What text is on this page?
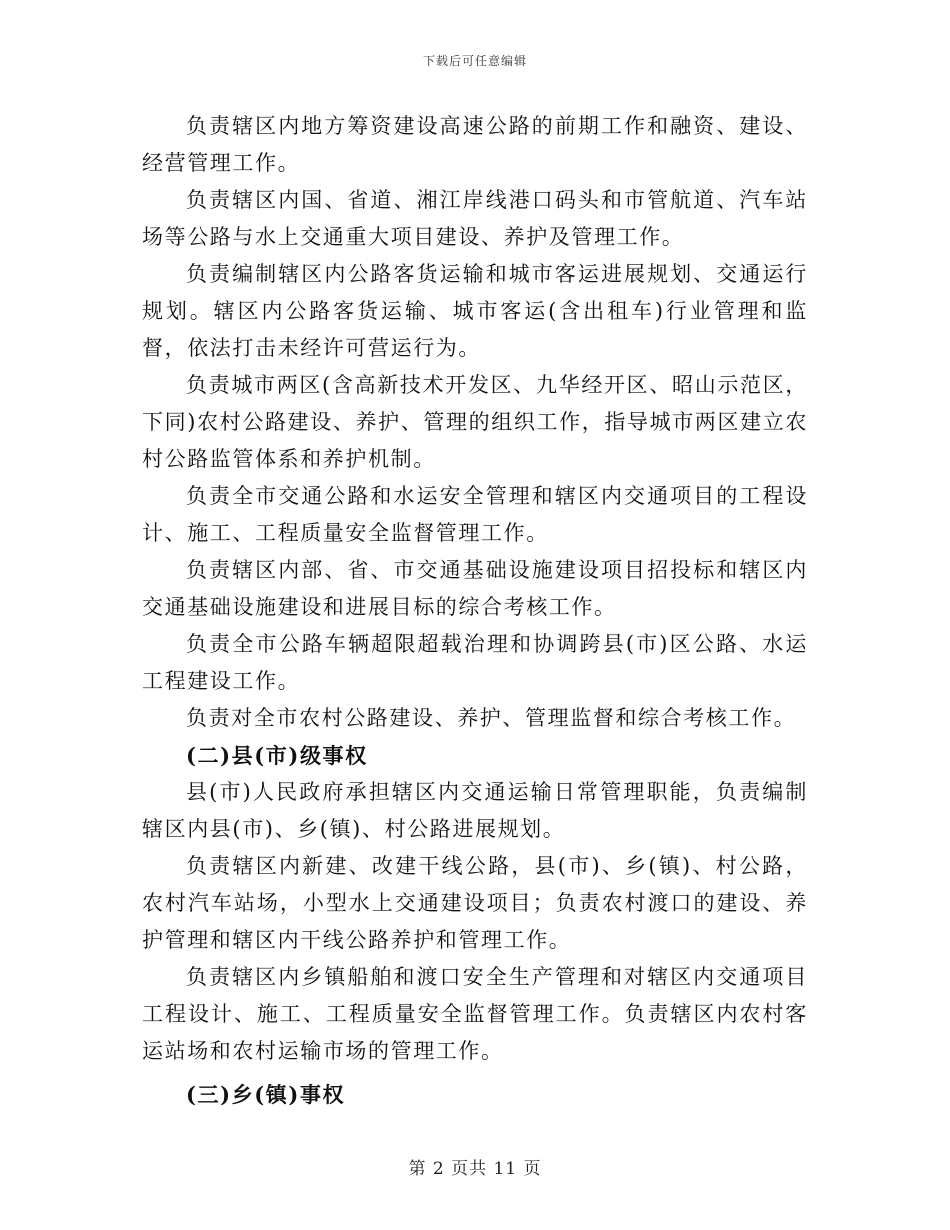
下载后可任意编辑

负责辖区内地方筹资建设高速公路的前期工作和融资、建设、经营管理工作。

负责辖区内国、省道、湘江岸线港口码头和市管航道、汽车站场等公路与水上交通重大项目建设、养护及管理工作。

负责编制辖区内公路客货运输和城市客运进展规划、交通运行规划。辖区内公路客货运输、城市客运(含出租车)行业管理和监督，依法打击未经许可营运行为。

负责城市两区(含高新技术开发区、九华经开区、昭山示范区，下同)农村公路建设、养护、管理的组织工作，指导城市两区建立农村公路监管体系和养护机制。

负责全市交通公路和水运安全管理和辖区内交通项目的工程设计、施工、工程质量安全监督管理工作。

负责辖区内部、省、市交通基础设施建设项目招投标和辖区内交通基础设施建设和进展目标的综合考核工作。

负责全市公路车辆超限超载治理和协调跨县(市)区公路、水运工程建设工作。

负责对全市农村公路建设、养护、管理监督和综合考核工作。

(二)县(市)级事权

县(市)人民政府承担辖区内交通运输日常管理职能，负责编制辖区内县(市)、乡(镇)、村公路进展规划。

负责辖区内新建、改建干线公路，县(市)、乡(镇)、村公路，农村汽车站场，小型水上交通建设项目；负责农村渡口的建设、养护管理和辖区内干线公路养护和管理工作。

负责辖区内乡镇船舶和渡口安全生产管理和对辖区内交通项目工程设计、施工、工程质量安全监督管理工作。负责辖区内农村客运站场和农村运输市场的管理工作。

(三)乡(镇)事权

第 2 页共 11 页
